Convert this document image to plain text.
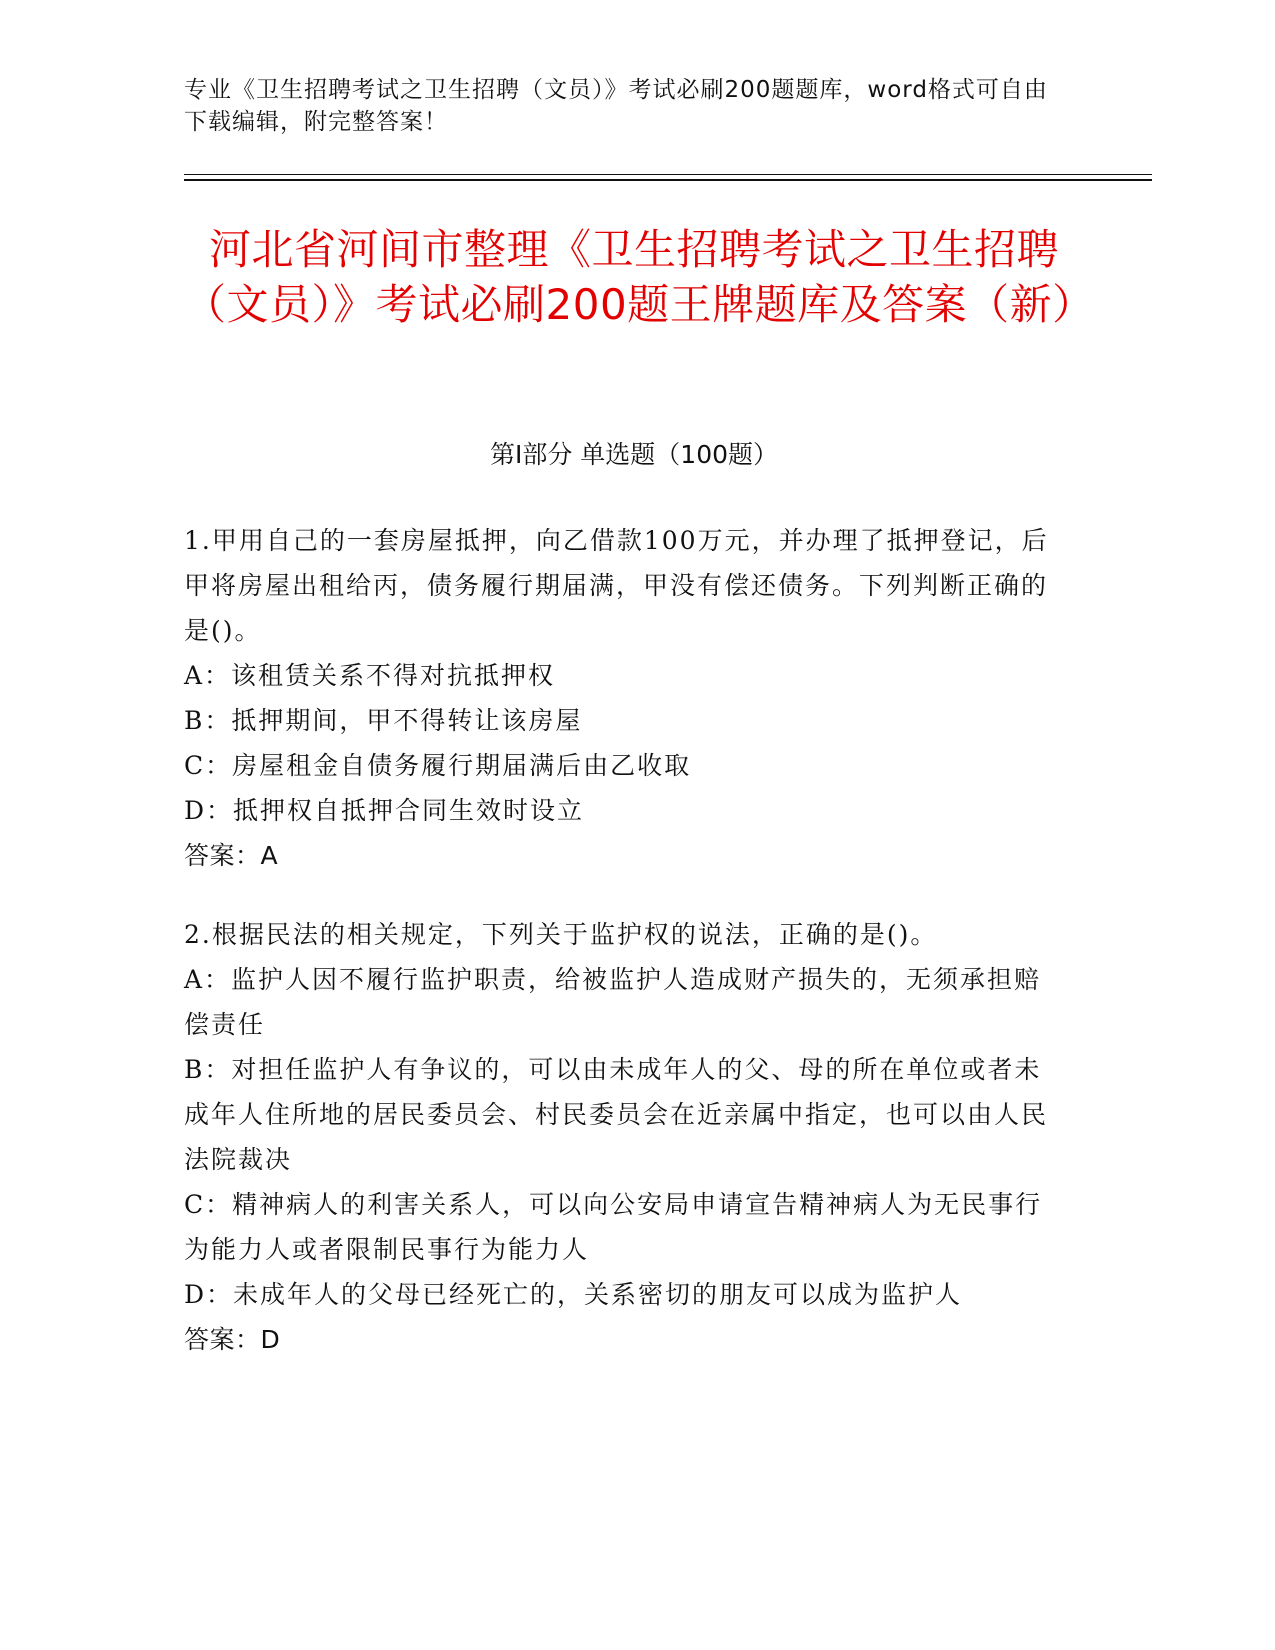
专业《卫生招聘考试之卫生招聘（文员）》考试必刷200题题库，word格式可自由下载编辑，附完整答案！
河北省河间市整理《卫生招聘考试之卫生招聘（文员）》考试必刷200题王牌题库及答案（新）
第I部分 单选题（100题）
1.甲用自己的一套房屋抵押，向乙借款100万元，并办理了抵押登记，后甲将房屋出租给丙，债务履行期届满，甲没有偿还债务。下列判断正确的是()。
A：该租赁关系不得对抗抵押权
B：抵押期间，甲不得转让该房屋
C：房屋租金自债务履行期届满后由乙收取
D：抵押权自抵押合同生效时设立
答案：A
2.根据民法的相关规定，下列关于监护权的说法，正确的是()。
A：监护人因不履行监护职责，给被监护人造成财产损失的，无须承担赔偿责任
B：对担任监护人有争议的，可以由未成年人的父、母的所在单位或者未成年人住所地的居民委员会、村民委员会在近亲属中指定，也可以由人民法院裁决
C：精神病人的利害关系人，可以向公安局申请宣告精神病人为无民事行为能力人或者限制民事行为能力人
D：未成年人的父母已经死亡的，关系密切的朋友可以成为监护人
答案：D
